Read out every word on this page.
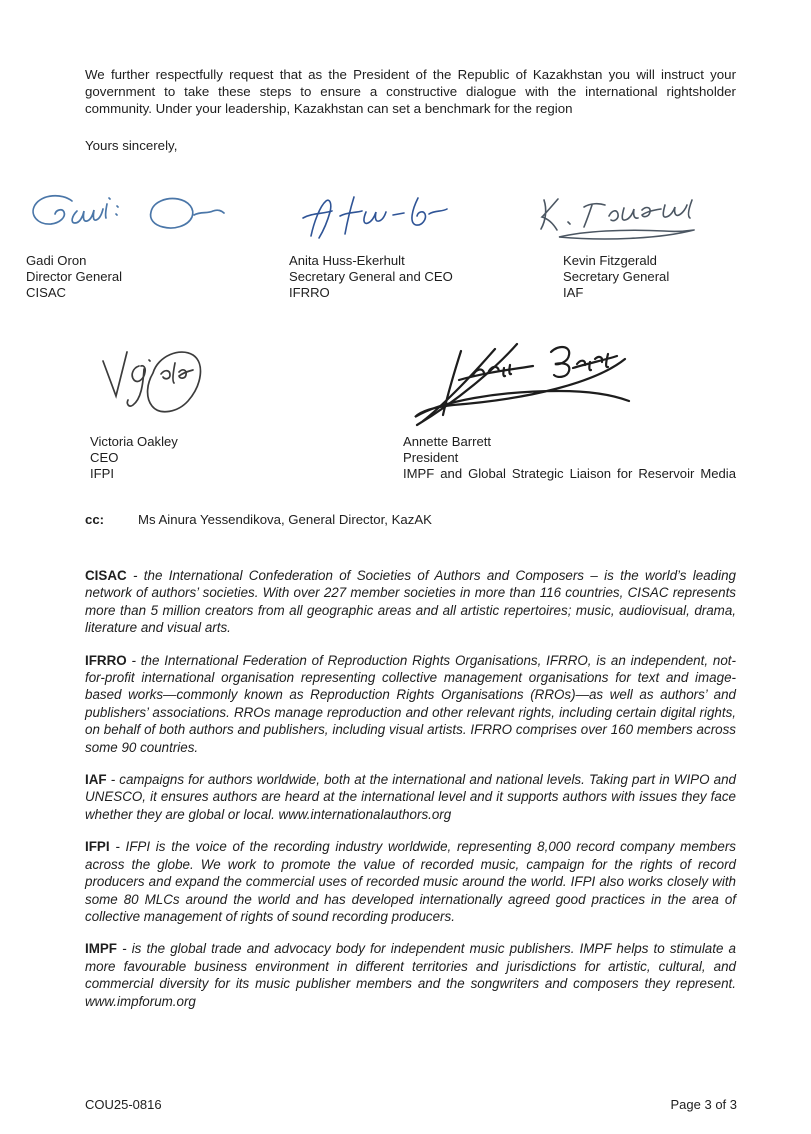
We further respectfully request that as the President of the Republic of Kazakhstan you will instruct your government to take these steps to ensure a constructive dialogue with the international rightsholder community. Under your leadership, Kazakhstan can set a benchmark for the region

Yours sincerely,

Gadi Oron
Director General
CISAC
Anita Huss-Ekerhult
Secretary General and CEO
IFRRO
Kevin Fitzgerald
Secretary General
IAF
Victoria Oakley
CEO
IFPI
Annette Barrett
President
IMPF and Global Strategic Liaison for Reservoir Media
cc:	Ms Ainura Yessendikova, General Director, KazAK

CISAC - the International Confederation of Societies of Authors and Composers – is the world’s leading network of authors’ societies. With over 227 member societies in more than 116 countries, CISAC represents more than 5 million creators from all geographic areas and all artistic repertoires; music, audiovisual, drama, literature and visual arts.

IFRRO - the International Federation of Reproduction Rights Organisations, IFRRO, is an independent, not-for-profit international organisation representing collective management organisations for text and image-based works—commonly known as Reproduction Rights Organisations (RROs)—as well as authors’ and publishers’ associations. RROs manage reproduction and other relevant rights, including certain digital rights, on behalf of both authors and publishers, including visual artists. IFRRO comprises over 160 members across some 90 countries.

IAF - campaigns for authors worldwide, both at the international and national levels. Taking part in WIPO and UNESCO, it ensures authors are heard at the international level and it supports authors with issues they face whether they are global or local. www.internationalauthors.org

IFPI - IFPI is the voice of the recording industry worldwide, representing 8,000 record company members across the globe. We work to promote the value of recorded music, campaign for the rights of record producers and expand the commercial uses of recorded music around the world. IFPI also works closely with some 80 MLCs around the world and has developed internationally agreed good practices in the area of collective management of rights of sound recording producers.

IMPF - is the global trade and advocacy body for independent music publishers. IMPF helps to stimulate a more favourable business environment in different territories and jurisdictions for artistic, cultural, and commercial diversity for its music publisher members and the songwriters and composers they represent. www.impforum.org

COU25-0816	Page 3 of 3
